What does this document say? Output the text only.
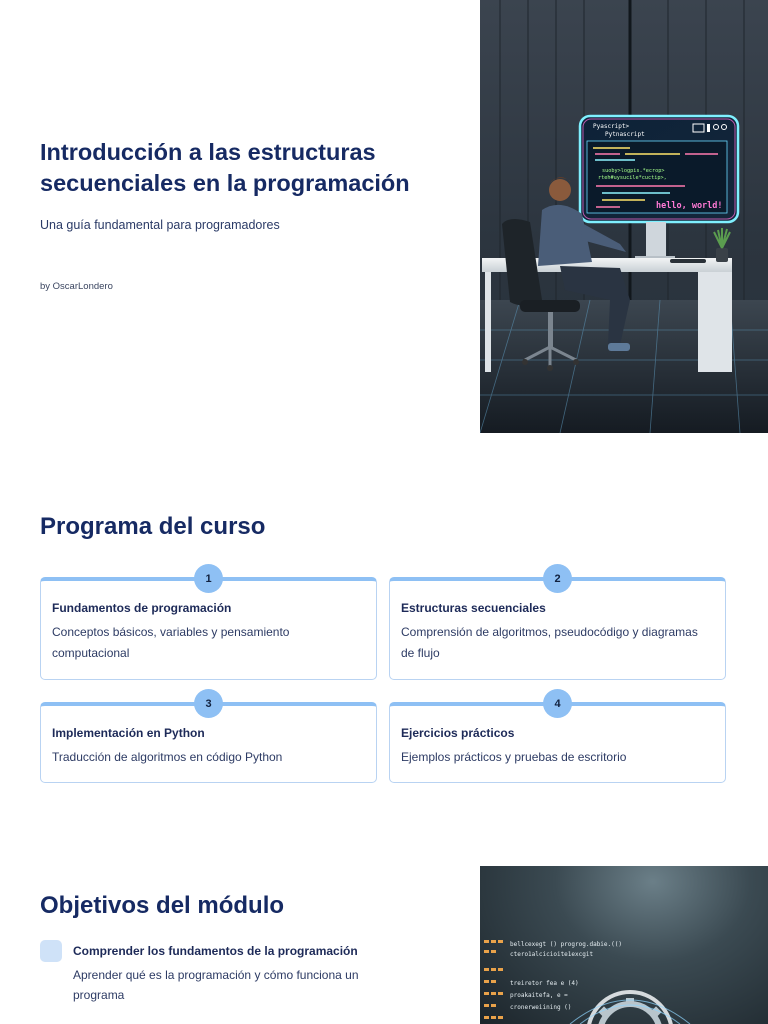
Introducción a las estructuras secuenciales en la programación

Una guía fundamental para programadores

by OscarLondero

Pyascript>
Pytnascript
suoby>logpis.*ecrop>
rteh#uysucile*cuctip>,
hello, world!
Programa del curso
1

Fundamentos de programación

Conceptos básicos, variables y pensamiento computacional

2

Estructuras secuenciales

Comprensión de algoritmos, pseudocódigo y diagramas de flujo

3

Implementación en Python

Traducción de algoritmos en código Python

4

Ejercicios prácticos

Ejemplos prácticos y pruebas de escritorio

Objetivos del módulo

Comprender los fundamentos de la programación

Aprender qué es la programación y cómo funciona un programa

bellcexegt () progrog.dabie.(()
ctero1alcicioite1excgit
treiretor fea e (4)
proakaitefa, e =
cronerweiining ()
